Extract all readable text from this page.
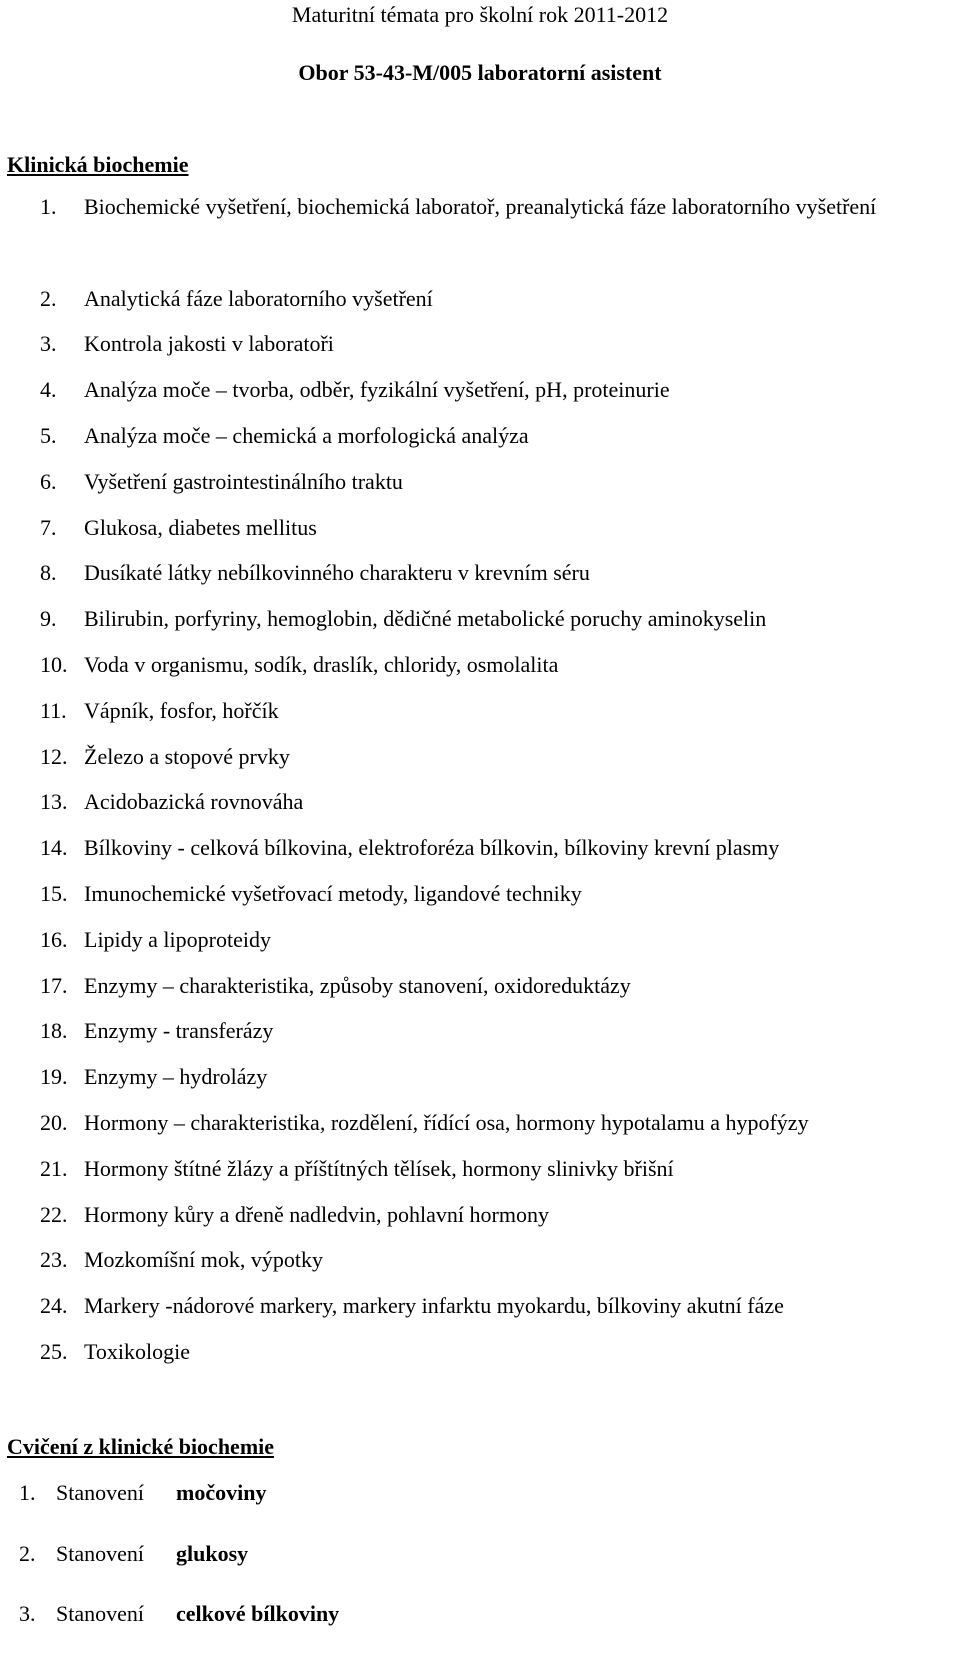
Maturitní témata pro školní rok 2011-2012
Obor 53-43-M/005 laboratorní asistent
Klinická biochemie
1.	Biochemické vyšetření, biochemická laboratoř, preanalytická fáze laboratorního vyšetření
2.	Analytická fáze laboratorního vyšetření
3.	Kontrola jakosti v laboratoři
4.	Analýza moče – tvorba, odběr, fyzikální vyšetření, pH, proteinurie
5.	Analýza moče – chemická a morfologická analýza
6.	Vyšetření gastrointestinálního traktu
7.	Glukosa, diabetes mellitus
8.	Dusíkaté látky nebílkovinného charakteru v krevním séru
9.	Bilirubin, porfyriny, hemoglobin, dědičné metabolické poruchy aminokyselin
10. Voda v organismu, sodík, draslík, chloridy, osmolalita
11. Vápník, fosfor, hořčík
12. Železo a stopové prvky
13. Acidobazická rovnováha
14. Bílkoviny - celková bílkovina, elektroforéza bílkovin, bílkoviny krevní plasmy
15. Imunochemické vyšetřovací metody, ligandové techniky
16. Lipidy a lipoproteidy
17. Enzymy – charakteristika, způsoby stanovení, oxidoreduktázy
18. Enzymy - transferázy
19. Enzymy – hydrolázy
20. Hormony – charakteristika, rozdělení, řídící osa, hormony hypotalamu a hypofýzy
21. Hormony štítné žlázy a příštítných tělísek, hormony slinivky břišní
22. Hormony kůry a dřeně nadledvin, pohlavní hormony
23. Mozkomíšní mok, výpotky
24. Markery -nádorové markery, markery infarktu myokardu, bílkoviny akutní fáze
25. Toxikologie
Cvičení z klinické biochemie
1. Stanovení močoviny
2. Stanovení glukosy
3. Stanovení celkové bílkoviny
